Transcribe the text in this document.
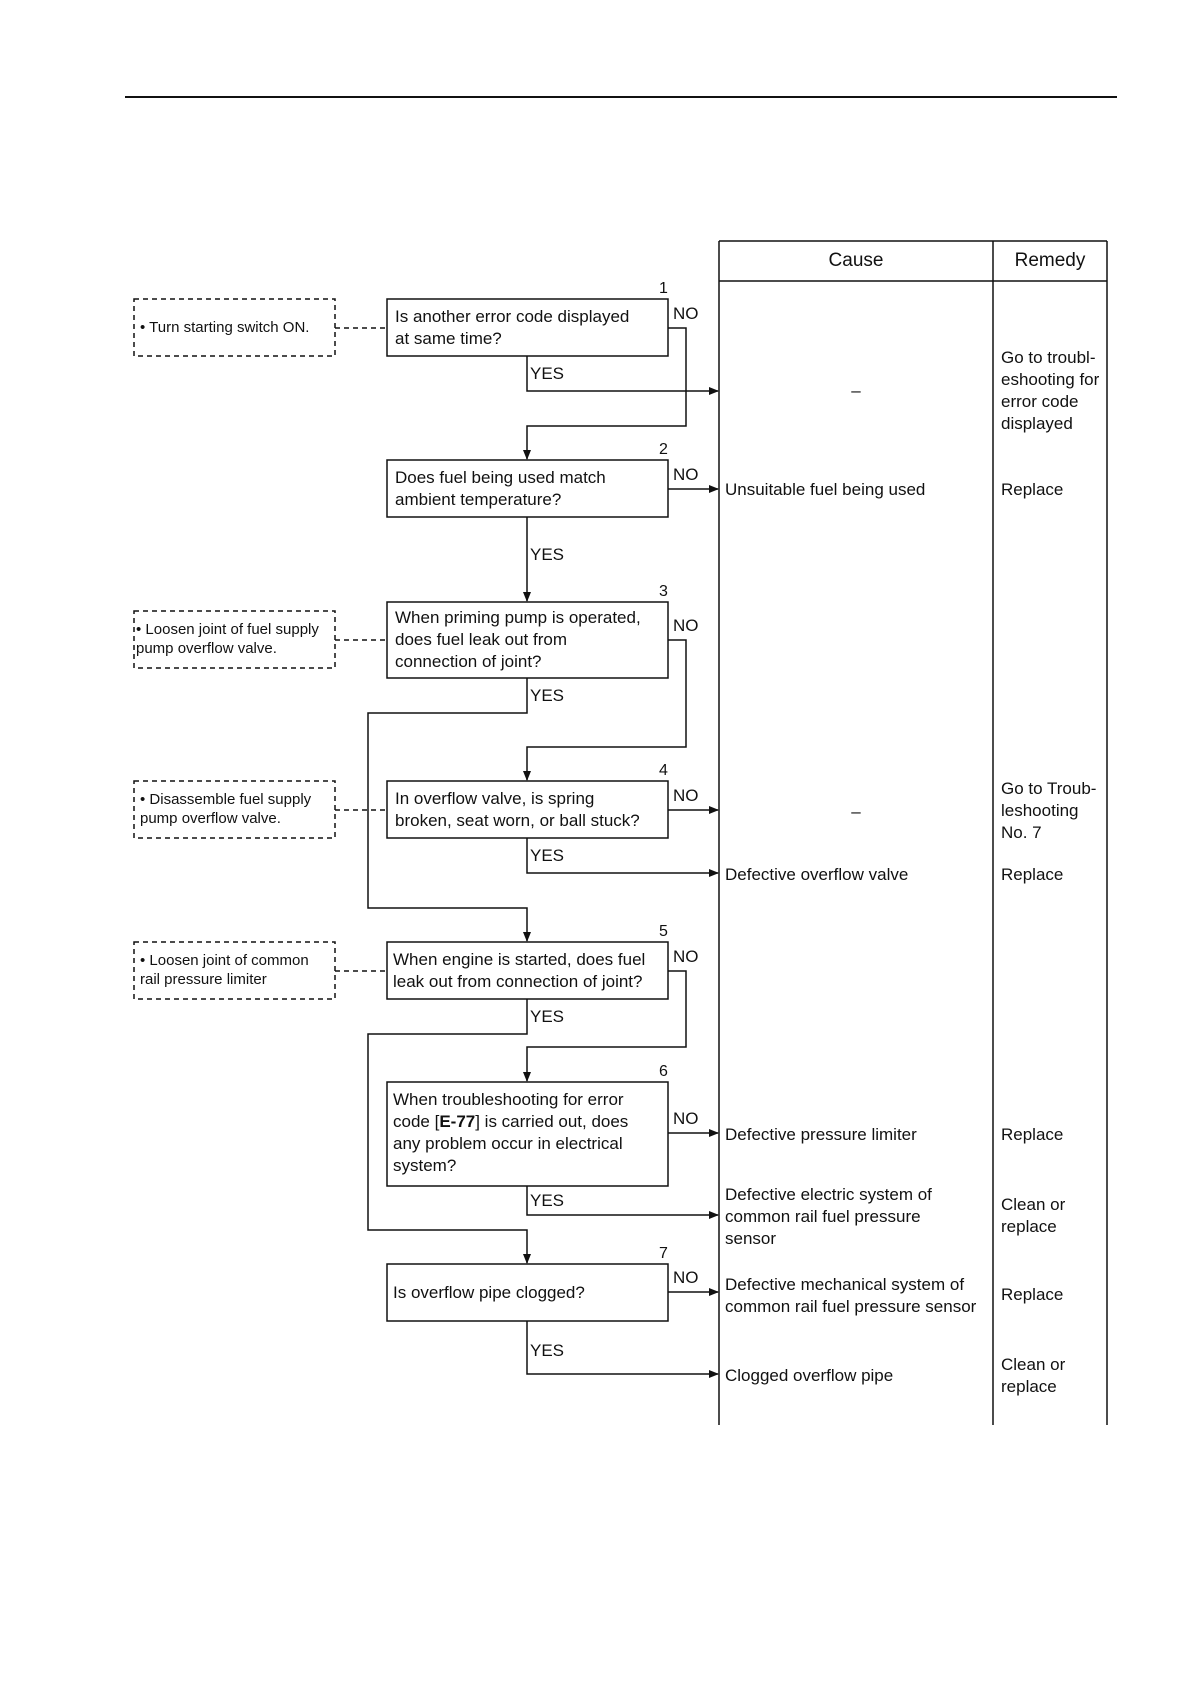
Cause	Remedy
1
2
3
4
5
6
7
Is another error code displayed
at same time?
Does fuel being used match
ambient temperature?
When priming pump is operated,
does fuel leak out from
connection of joint?
In overflow valve, is spring
broken, seat worn, or ball stuck?
When engine is started, does fuel
leak out from connection of joint?
When troubleshooting for error
code [E-77] is carried out, does
any problem occur in electrical
system?
Is overflow pipe clogged?
• Turn starting switch ON.
• Loosen joint of fuel supply
pump overflow valve.
• Disassemble fuel supply
pump overflow valve.
• Loosen joint of common
rail pressure limiter
NO
NO
NO
NO
NO
NO
NO
YES
YES
YES
YES
YES
YES
YES
–
Unsuitable fuel being used
–
Defective overflow valve
Defective pressure limiter
Defective electric system of
common rail fuel pressure
sensor
Defective mechanical system of
common rail fuel pressure sensor
Clogged overflow pipe
Go to troubl-
eshooting for
error code
displayed
Replace
Go to Troub-
leshooting
No. 7
Replace
Replace
Clean or
replace
Replace
Clean or
replace
